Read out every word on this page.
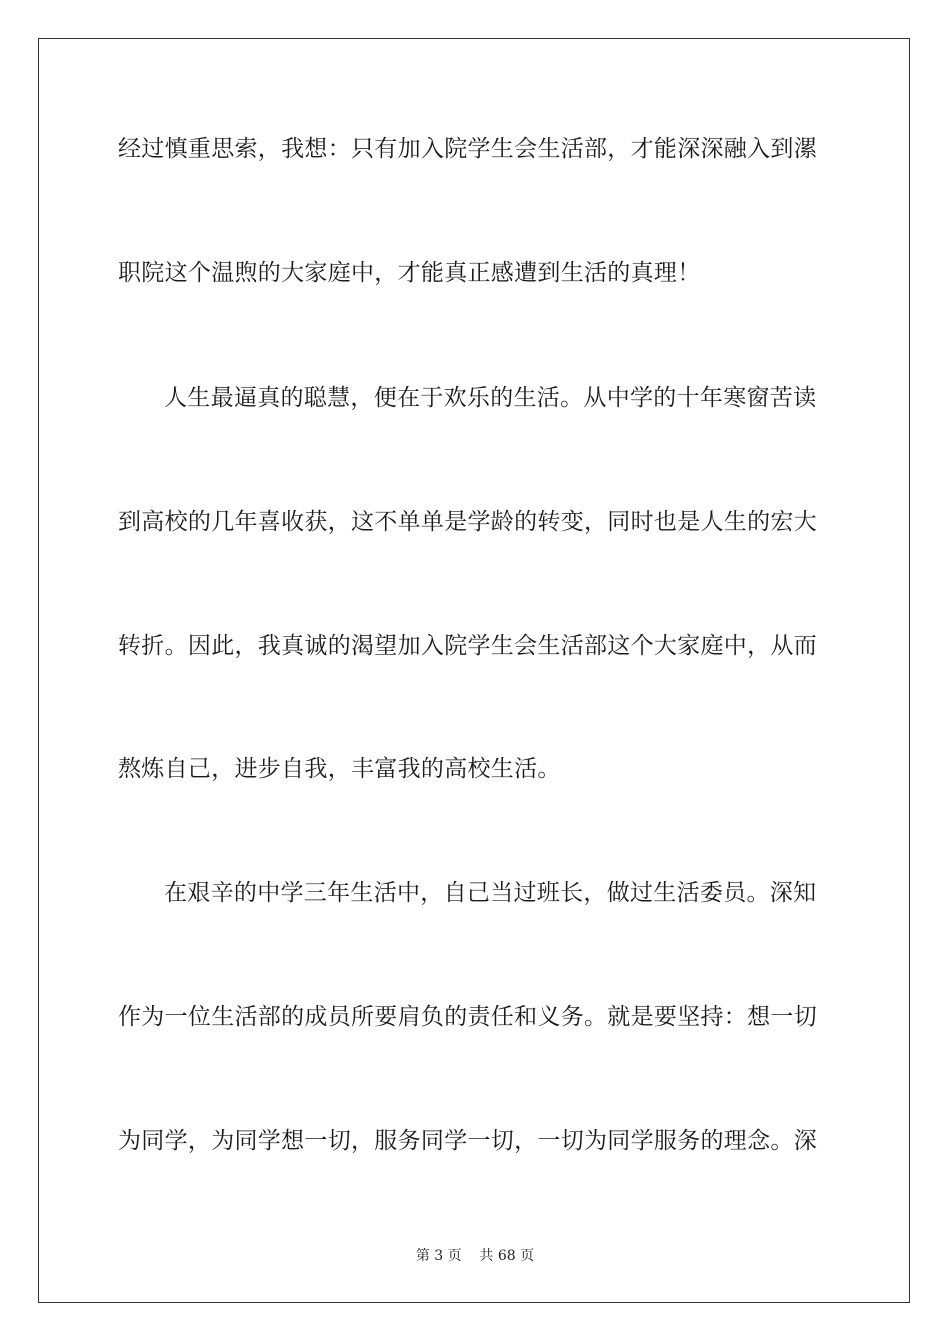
经过慎重思索，我想：只有加入院学生会生活部，才能深深融入到漯
职院这个温煦的大家庭中，才能真正感遭到生活的真理！
人生最逼真的聪慧，便在于欢乐的生活。从中学的十年寒窗苦读
到高校的几年喜收获，这不单单是学龄的转变，同时也是人生的宏大
转折。因此，我真诚的渴望加入院学生会生活部这个大家庭中，从而
熬炼自己，进步自我，丰富我的高校生活。
在艰辛的中学三年生活中，自己当过班长，做过生活委员。深知
作为一位生活部的成员所要肩负的责任和义务。就是要坚持：想一切
为同学，为同学想一切，服务同学一切，一切为同学服务的理念。深
第 3 页    共 68 页
